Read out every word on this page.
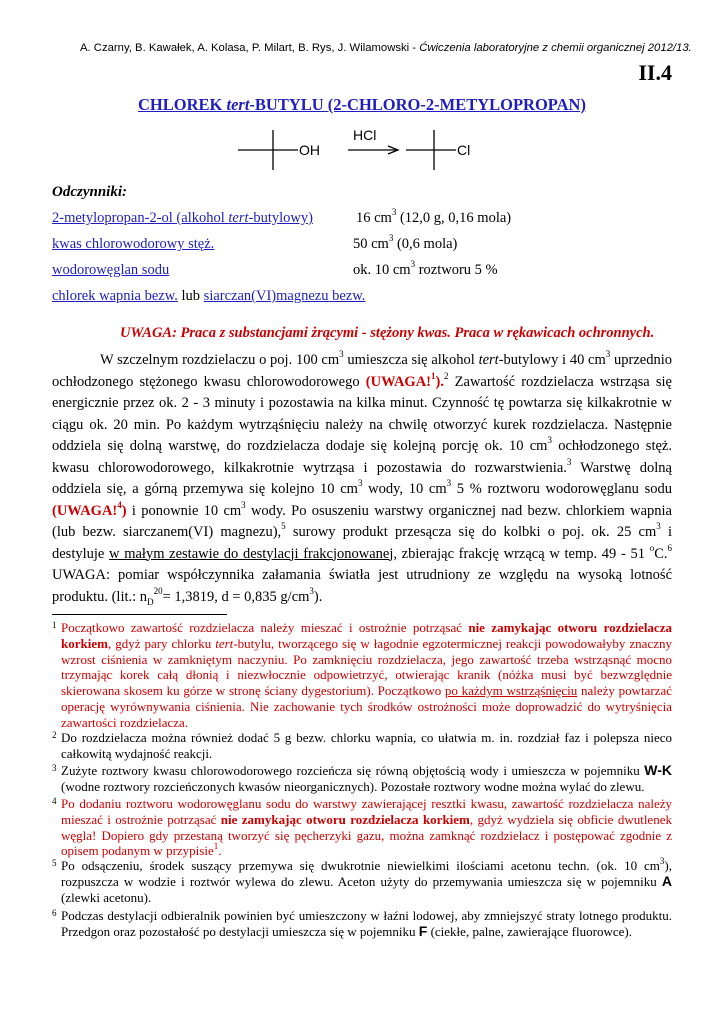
A. Czarny, B. Kawałek, A. Kolasa, P. Milart, B. Rys, J. Wilamowski - Ćwiczenia laboratoryjne z chemii organicznej 2012/13.
II.4
CHLOREK tert-BUTYLU (2-CHLORO-2-METYLOPROPAN)
HCl
OH	Cl
Odczynniki:
2-metylopropan-2-ol (alkohol tert-butylowy)	16 $cm^3$ (12,0 g, 0,16 mola)
kwas chlorowodorowy stęż.	50 $cm^3$ (0,6 mola)
wodorowęglan sodu	ok. 10 $cm^3$ roztworu 5 %
chlorek wapnia bezw. lub siarczan(VI)magnezu bezw.
UWAGA: Praca z substancjami żrącymi - stężony kwas. Praca w rękawicach ochronnych.

W szczelnym rozdzielaczu o poj. 100 $cm^3$ umieszcza się alkohol tert-butylowy i 40 $cm^3$ uprzednio ochłodzonego stężonego kwasu chlorowodorowego (UWAGA!$^1$).$^2$ Zawartość rozdzielacza wstrząsa się energicznie przez ok. 2 - 3 minuty i pozostawia na kilka minut. Czynność tę powtarza się kilkakrotnie w ciągu ok. 20 min. Po każdym wytrząśnięciu należy na chwilę otworzyć kurek rozdzielacza. Następnie oddziela się dolną warstwę, do rozdzielacza dodaje się kolejną porcję ok. 10 $cm^3$ ochłodzonego stęż. kwasu chlorowodorowego, kilkakrotnie wytrząsa i pozostawia do rozwarstwienia.$^3$ Warstwę dolną oddziela się, a górną przemywa się kolejno 10 $cm^3$ wody, 10 $cm^3$ 5 % roztworu wodorowęglanu sodu (UWAGA!$^4$) i ponownie 10 $cm^3$ wody. Po osuszeniu warstwy organicznej nad bezw. chlorkiem wapnia (lub bezw. siarczanem(VI) magnezu),$^5$ surowy produkt przesącza się do kolbki o poj. ok. 25 $cm^3$ i destyluje w małym zestawie do destylacji frakcjonowanej, zbierając frakcję wrzącą w temp. 49 - 51 $^o$C.$^6$ UWAGA: pomiar współczynnika załamania światła jest utrudniony ze względu na wysoką lotność produktu. (lit.: $n_D^{20}= 1,3819$, d = 0,835 $g/cm^3$).

1 Początkowo zawartość rozdzielacza należy mieszać i ostrożnie potrząsać nie zamykając otworu rozdzielacza korkiem, gdyż pary chlorku tert-butylu, tworzącego się w łagodnie egzotermicznej reakcji powodowałyby znaczny wzrost ciśnienia w zamkniętym naczyniu. Po zamknięciu rozdzielacza, jego zawartość trzeba wstrząsnąć mocno trzymając korek całą dłonią i niezwłocznie odpowietrzyć, otwierając kranik (nóżka musi być bezwzględnie skierowana skosem ku górze w stronę ściany dygestorium). Początkowo po każdym wstrząśnięciu należy powtarzać operację wyrównywania ciśnienia. Nie zachowanie tych środków ostrożności może doprowadzić do wytryśnięcia zawartości rozdzielacza.
2 Do rozdzielacza można również dodać 5 g bezw. chlorku wapnia, co ułatwia m. in. rozdział faz i polepsza nieco całkowitą wydajność reakcji.
3 Zużyte roztwory kwasu chlorowodorowego rozcieńcza się równą objętością wody i umieszcza w pojemniku W-K (wodne roztwory rozcieńczonych kwasów nieorganicznych). Pozostałe roztwory wodne można wylać do zlewu.
4 Po dodaniu roztworu wodorowęglanu sodu do warstwy zawierającej resztki kwasu, zawartość rozdzielacza należy mieszać i ostrożnie potrząsać nie zamykając otworu rozdzielacza korkiem, gdyż wydziela się obficie dwutlenek węgla! Dopiero gdy przestaną tworzyć się pęcherzyki gazu, można zamknąć rozdzielacz i postępować zgodnie z opisem podanym w przypisie$^1$.
5 Po odsączeniu, środek suszący przemywa się dwukrotnie niewielkimi ilościami acetonu techn. (ok. 10 $cm^3$), rozpuszcza w wodzie i roztwór wylewa do zlewu. Aceton użyty do przemywania umieszcza się w pojemniku A (zlewki acetonu).
6 Podczas destylacji odbieralnik powinien być umieszczony w łaźni lodowej, aby zmniejszyć straty lotnego produktu. Przedgon oraz pozostałość po destylacji umieszcza się w pojemniku F (ciekłe, palne, zawierające fluorowce).
